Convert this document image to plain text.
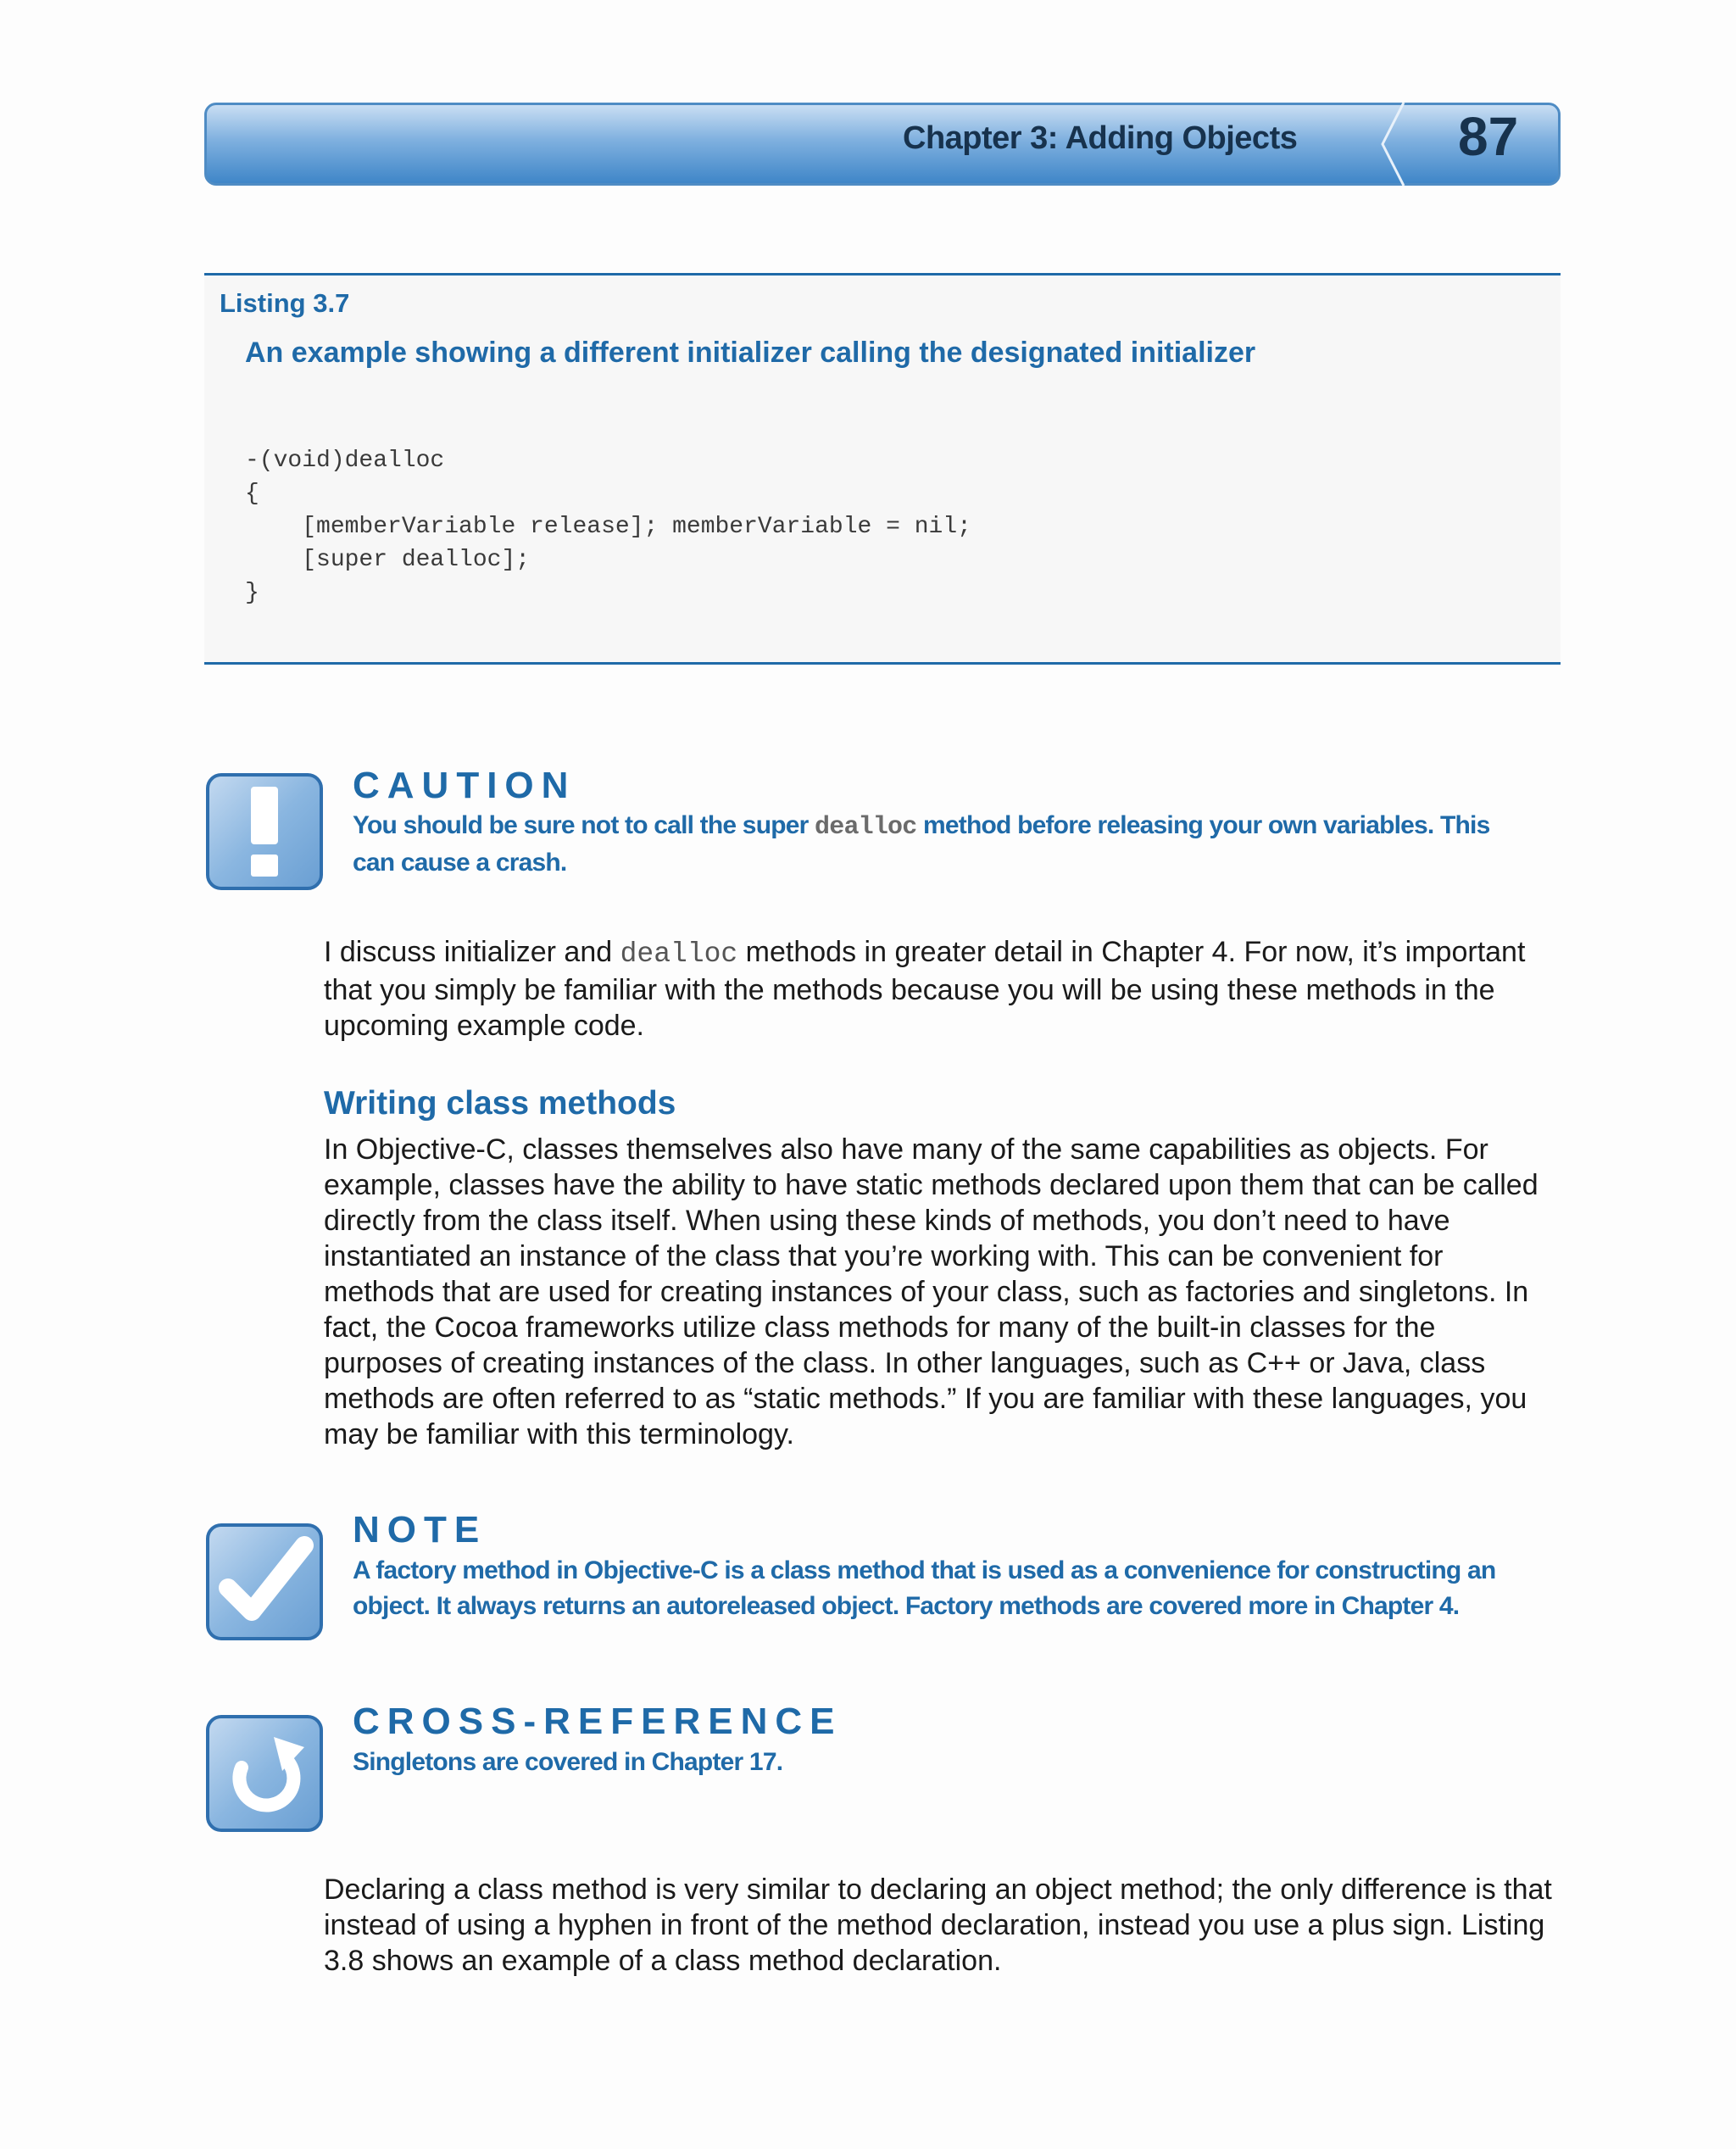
Chapter 3: Adding Objects	87
Listing 3.7
An example showing a different initializer calling the designated initializer
-(void)dealloc
{
[memberVariable release]; memberVariable = nil;
[super dealloc];
}
CAUTION
You should be sure not to call the super dealloc method before releasing your own variables. This can cause a crash.
I discuss initializer and dealloc methods in greater detail in Chapter 4. For now, it’s important that you simply be familiar with the methods because you will be using these methods in the upcoming example code.
Writing class methods
In Objective-C, classes themselves also have many of the same capabilities as objects. For example, classes have the ability to have static methods declared upon them that can be called directly from the class itself. When using these kinds of methods, you don’t need to have instantiated an instance of the class that you’re working with. This can be convenient for methods that are used for creating instances of your class, such as factories and singletons. In fact, the Cocoa frameworks utilize class methods for many of the built-in classes for the purposes of creating instances of the class. In other languages, such as C++ or Java, class methods are often referred to as “static methods.” If you are familiar with these languages, you may be familiar with this terminology.
NOTE
A factory method in Objective-C is a class method that is used as a convenience for constructing an object. It always returns an autoreleased object. Factory methods are covered more in Chapter 4.
CROSS-REFERENCE
Singletons are covered in Chapter 17.
Declaring a class method is very similar to declaring an object method; the only difference is that instead of using a hyphen in front of the method declaration, instead you use a plus sign. Listing 3.8 shows an example of a class method declaration.
